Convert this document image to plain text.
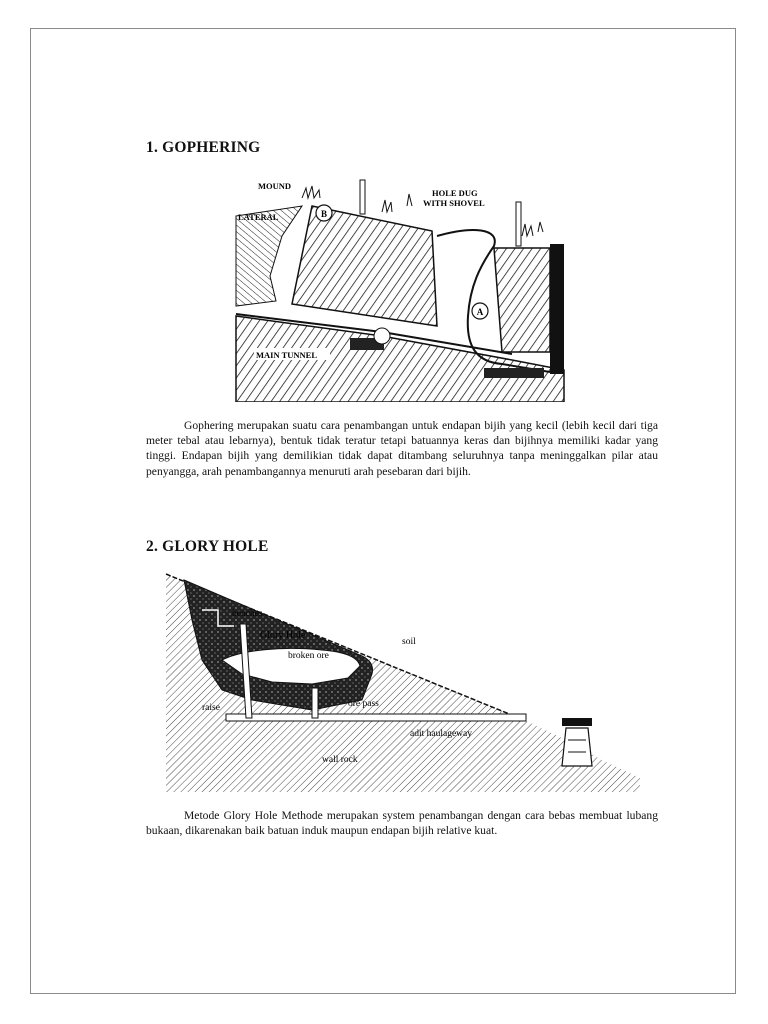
1. GOPHERING
B
A
MOUND
LATERAL
HOLE DUG
WITH SHOVEL
MAIN TUNNEL

Gophering merupakan suatu cara penambangan untuk endapan bijih yang kecil (lebih kecil dari tiga meter tebal atau lebarnya), bentuk tidak teratur tetapi batuannya keras dan bijihnya memiliki kadar yang tinggi. Endapan bijih yang demilikian tidak dapat ditambang seluruhnya tanpa meninggalkan pilar atau penyangga, arah penambangannya menuruti arah pesebaran dari bijih.

2. GLORY HOLE
benches
Glory Hole
soil
broken ore
ore
raise	ore pass
adit haulageway
wall rock

Metode Glory Hole Methode merupakan system penambangan dengan cara bebas membuat lubang bukaan, dikarenakan baik batuan induk maupun endapan bijih relative kuat.
